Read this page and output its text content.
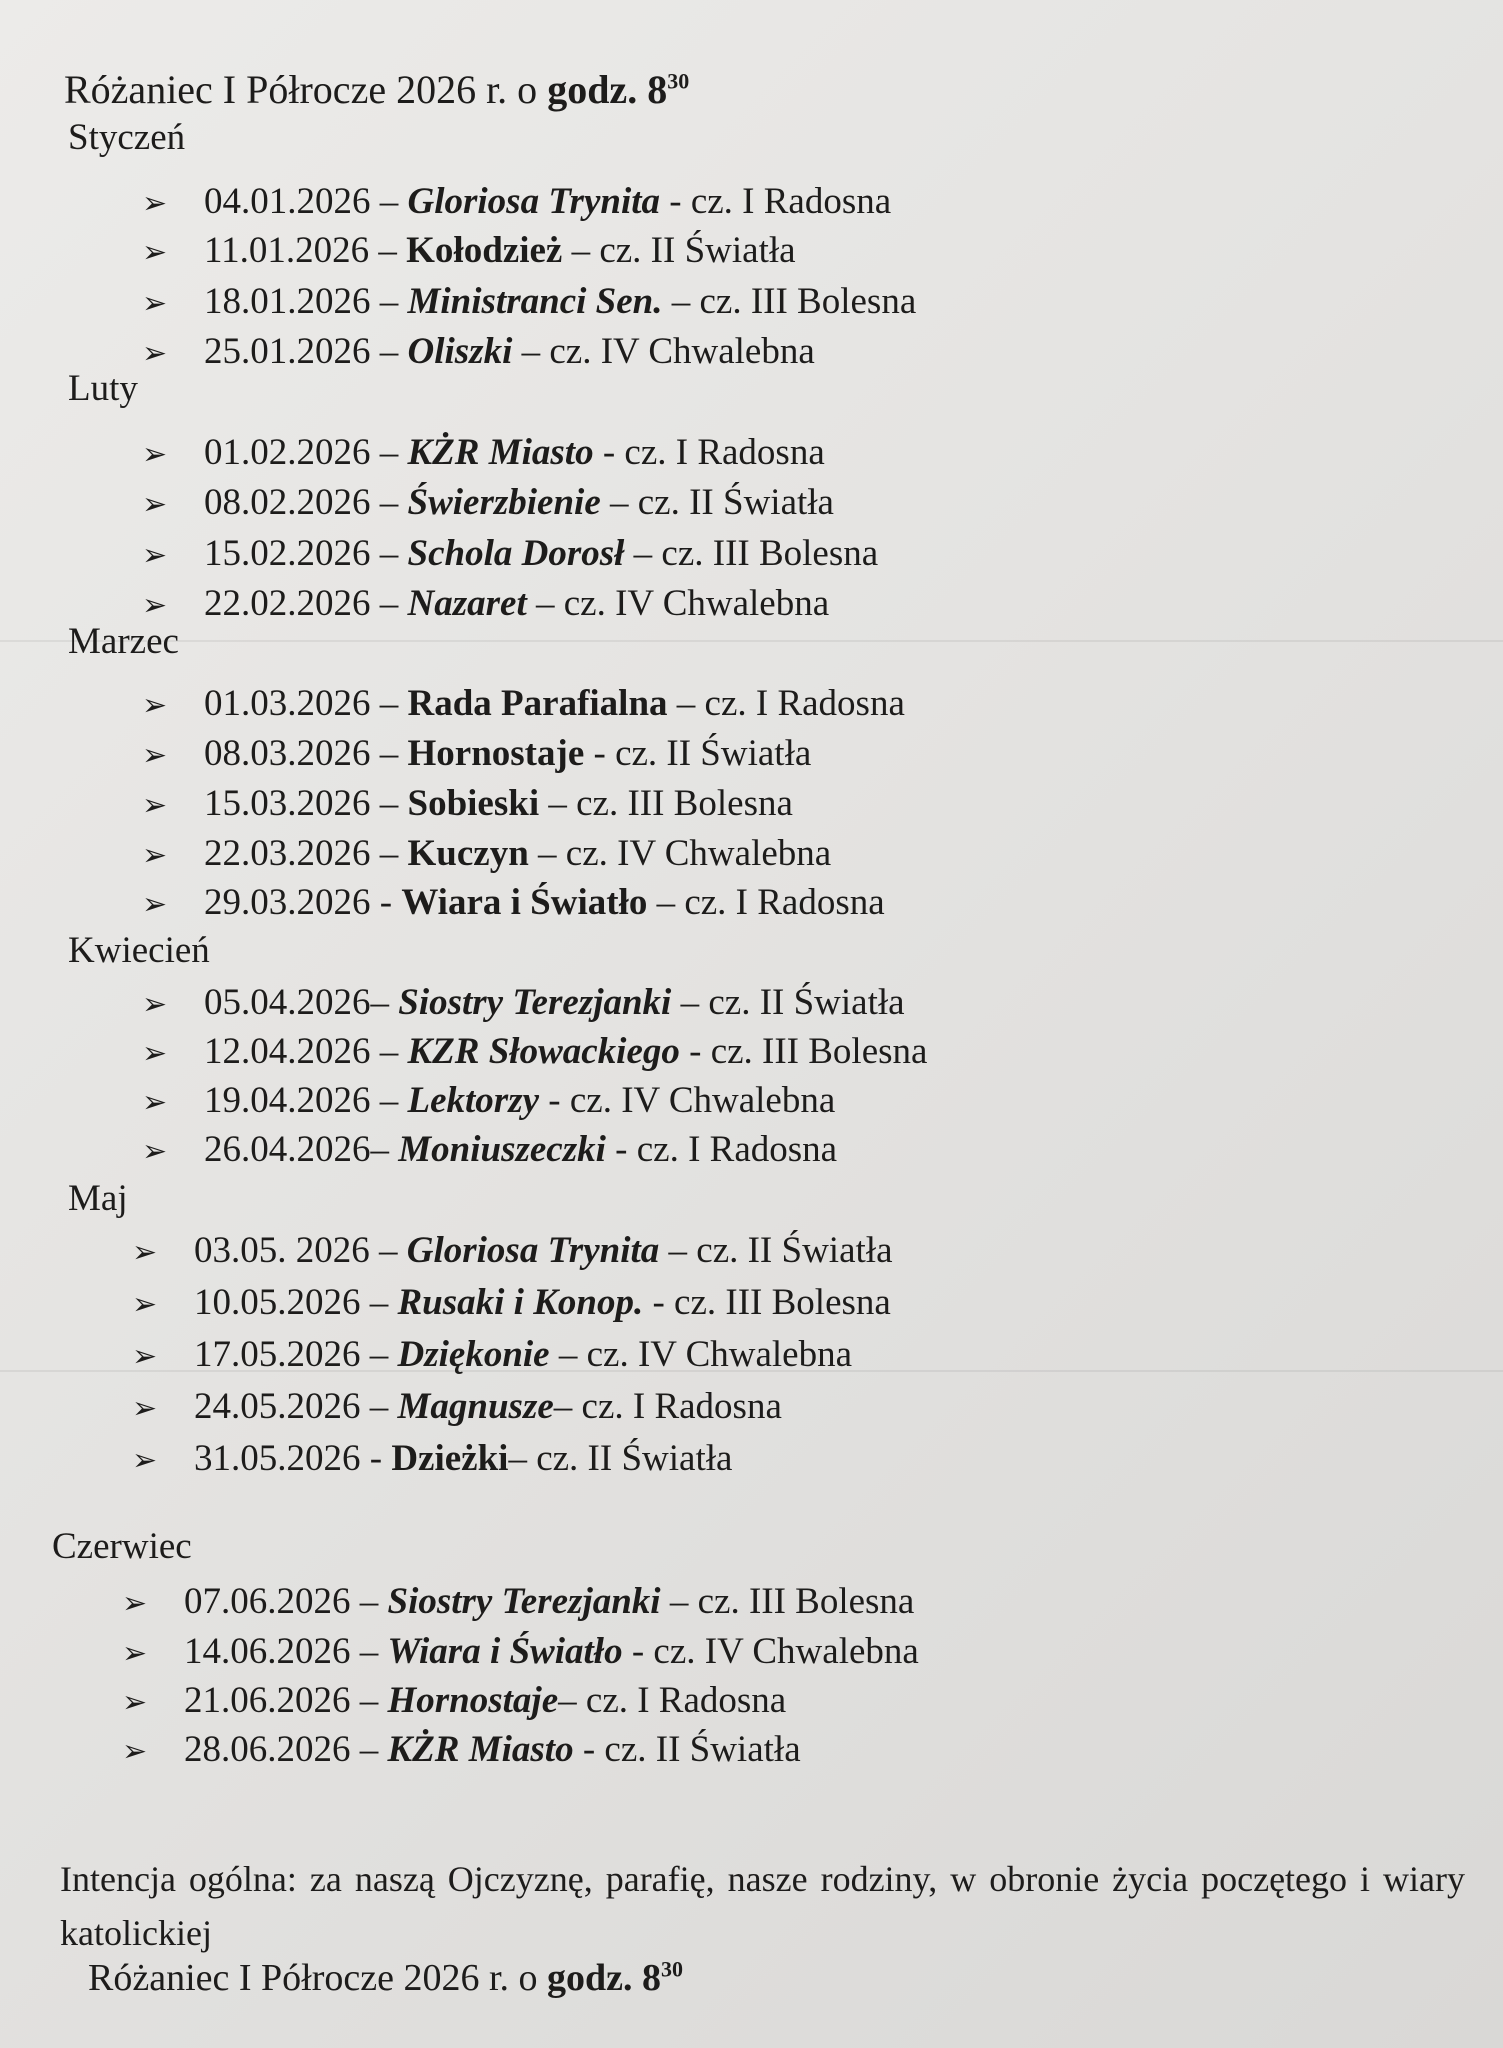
Różaniec I Półrocze 2026 r. o godz. $8^{30}$
Styczeń
➢ 04.01.2026 – Gloriosa Trynita - cz. I Radosna
➢ 11.01.2026 – Kołodzież – cz. II Światła
➢ 18.01.2026 – Ministranci Sen. – cz. III Bolesna
➢ 25.01.2026 – Oliszki – cz. IV Chwalebna
Luty
➢ 01.02.2026 – KŻR Miasto - cz. I Radosna
➢ 08.02.2026 – Świerzbienie – cz. II Światła
➢ 15.02.2026 – Schola Dorosł – cz. III Bolesna
➢ 22.02.2026 – Nazaret – cz. IV Chwalebna
Marzec
➢ 01.03.2026 – Rada Parafialna – cz. I Radosna
➢ 08.03.2026 – Hornostaje - cz. II Światła
➢ 15.03.2026 – Sobieski – cz. III Bolesna
➢ 22.03.2026 – Kuczyn – cz. IV Chwalebna
➢ 29.03.2026 - Wiara i Światło – cz. I Radosna
Kwiecień
➢ 05.04.2026– Siostry Terezjanki – cz. II Światła
➢ 12.04.2026 – KZR Słowackiego - cz. III Bolesna
➢ 19.04.2026 – Lektorzy - cz. IV Chwalebna
➢ 26.04.2026– Moniuszeczki - cz. I Radosna
Maj
➢ 03.05. 2026 – Gloriosa Trynita – cz. II Światła
➢ 10.05.2026 – Rusaki i Konop. - cz. III Bolesna
➢ 17.05.2026 – Dziękonie – cz. IV Chwalebna
➢ 24.05.2026 – Magnusze– cz. I Radosna
➢ 31.05.2026 - Dzieżki– cz. II Światła
Czerwiec
➢ 07.06.2026 – Siostry Terezjanki – cz. III Bolesna
➢ 14.06.2026 – Wiara i Światło - cz. IV Chwalebna
➢ 21.06.2026 – Hornostaje– cz. I Radosna
➢ 28.06.2026 – KŻR Miasto - cz. II Światła
Intencja ogólna: za naszą Ojczyznę, parafię, nasze rodziny, w obronie życia poczętego i wiary katolickiej
Różaniec I Półrocze 2026 r. o godz. $8^{30}$
